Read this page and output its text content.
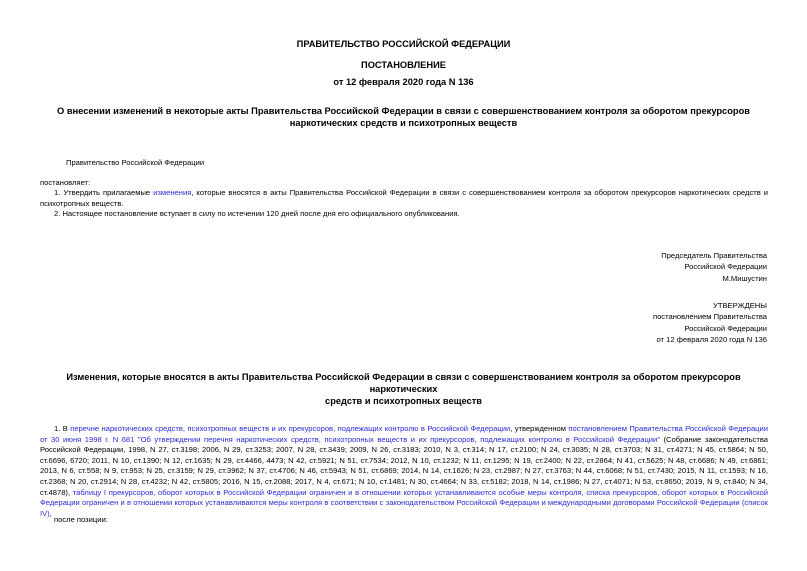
ПРАВИТЕЛЬСТВО РОССИЙСКОЙ ФЕДЕРАЦИИ
ПОСТАНОВЛЕНИЕ
от 12 февраля 2020 года N 136
О внесении изменений в некоторые акты Правительства Российской Федерации в связи с совершенствованием контроля за оборотом прекурсоров
наркотических средств и психотропных веществ
Правительство Российской Федерации
постановляет:
1. Утвердить прилагаемые изменения, которые вносятся в акты Правительства Российской Федерации в связи с совершенствованием контроля за оборотом прекурсоров наркотических средств и психотропных веществ.
2. Настоящее постановление вступает в силу по истечении 120 дней после дня его официального опубликования.
Председатель Правительства
Российской Федерации
М.Мишустин
УТВЕРЖДЕНЫ
постановлением Правительства
Российской Федерации
от 12 февраля 2020 года N 136
Изменения, которые вносятся в акты Правительства Российской Федерации в связи с совершенствованием контроля за оборотом прекурсоров наркотических
средств и психотропных веществ
1. В перечне наркотических средств, психотропных веществ и их прекурсоров, подлежащих контролю в Российской Федерации, утвержденном постановлением Правительства Российской Федерации от 30 июня 1998 г. N 681 "Об утверждении перечня наркотических средств, психотропных веществ и их прекурсоров, подлежащих контролю в Российской Федерации" (Собрание законодательства Российской Федерации, 1998, N 27, ст.3198; 2006, N 29, ст.3253; 2007, N 28, ст.3439; 2009, N 26, ст.3183; 2010, N 3, ст.314; N 17, ст.2100; N 24, ст.3035; N 28, ст.3703; N 31, ст.4271; N 45, ст.5864; N 50, ст.6696, 6720; 2011, N 10, ст.1390; N 12, ст.1635; N 29, ст.4466, 4473; N 42, ст.5921; N 51, ст.7534; 2012, N 10, ст.1232; N 11, ст.1295; N 19, ст.2400; N 22, ст.2864; N 41, ст.5625; N 48, ст.6686; N 49, ст.6861; 2013, N 6, ст.558; N 9, ст.953; N 25, ст.3159; N 29, ст.3962; N 37, ст.4706; N 46, ст.5943; N 51, ст.6869; 2014, N 14, ст.1626; N 23, ст.2987; N 27, ст.3763; N 44, ст.6068; N 51, ст.7430; 2015, N 11, ст.1593; N 16, ст.2368; N 20, ст.2914; N 28, ст.4232; N 42, ст.5805; 2016, N 15, ст.2088; 2017, N 4, ст.671; N 10, ст.1481; N 30, ст.4664; N 33, ст.5182; 2018, N 14, ст.1986; N 27, ст.4071; N 53, ст.8650; 2019, N 9, ст.840; N 34, ст.4878), таблицу I прекурсоров, оборот которых в Российской Федерации ограничен и в отношении которых устанавливаются особые меры контроля, списка прекурсоров, оборот которых в Российской Федерации ограничен и в отношении которых устанавливаются меры контроля в соответствии с законодательством Российской Федерации и международными договорами Российской Федерации (список IV),
после позиции:
